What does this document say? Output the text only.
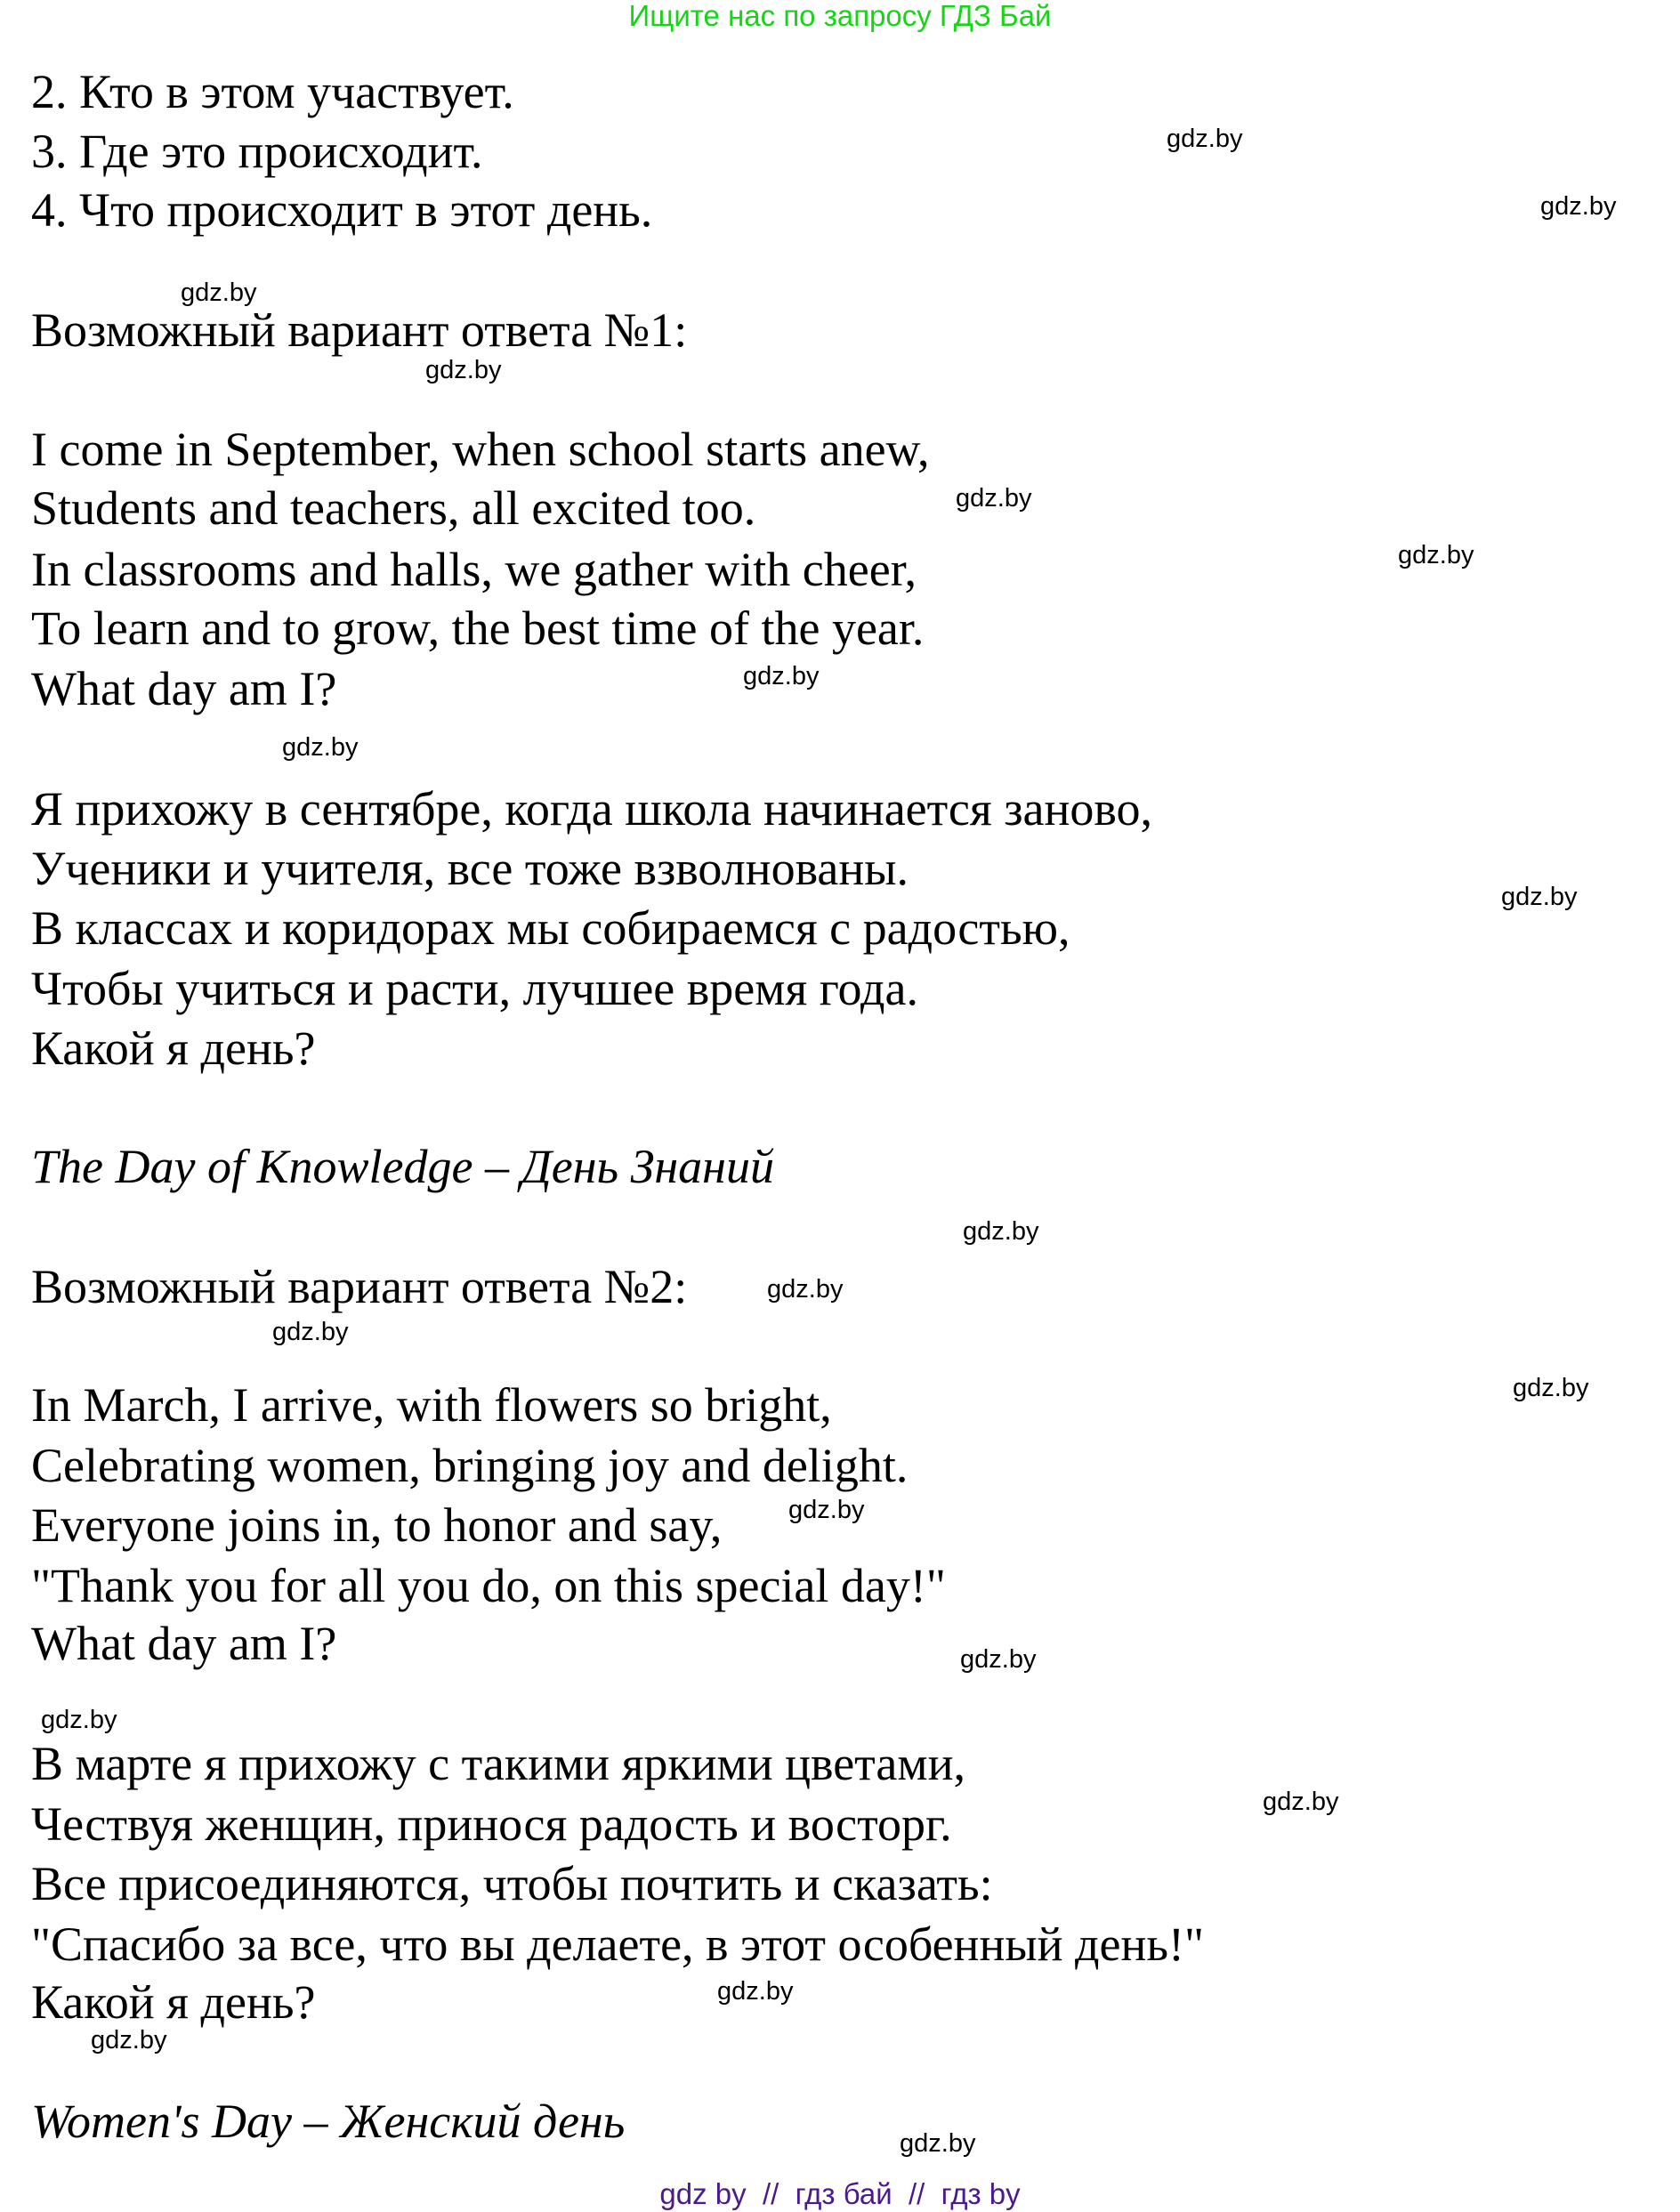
Ищите нас по запросу ГДЗ Бай
2. Кто в этом участвует.
3. Где это происходит.
4. Что происходит в этот день.
Возможный вариант ответа №1:
I come in September, when school starts anew,
Students and teachers, all excited too.
In classrooms and halls, we gather with cheer,
To learn and to grow, the best time of the year.
What day am I?
Я прихожу в сентябре, когда школа начинается заново,
Ученики и учителя, все тоже взволнованы.
В классах и коридорах мы собираемся с радостью,
Чтобы учиться и расти, лучшее время года.
Какой я день?
The Day of Knowledge – День Знаний
Возможный вариант ответа №2:
In March, I arrive, with flowers so bright,
Celebrating women, bringing joy and delight.
Everyone joins in, to honor and say,
"Thank you for all you do, on this special day!"
What day am I?
В марте я прихожу с такими яркими цветами,
Чествуя женщин, принося радость и восторг.
Все присоединяются, чтобы почтить и сказать:
"Спасибо за все, что вы делаете, в этот особенный день!"
Какой я день?
Women's Day – Женский день
gdz.by
gdz.by
gdz.by
gdz.by
gdz.by
gdz.by
gdz.by
gdz.by
gdz.by
gdz.by
gdz.by
gdz.by
gdz.by
gdz.by
gdz.by
gdz.by
gdz.by
gdz.by
gdz.by
gdz.by
gdz by  //  гдз бай  //  гдз by
